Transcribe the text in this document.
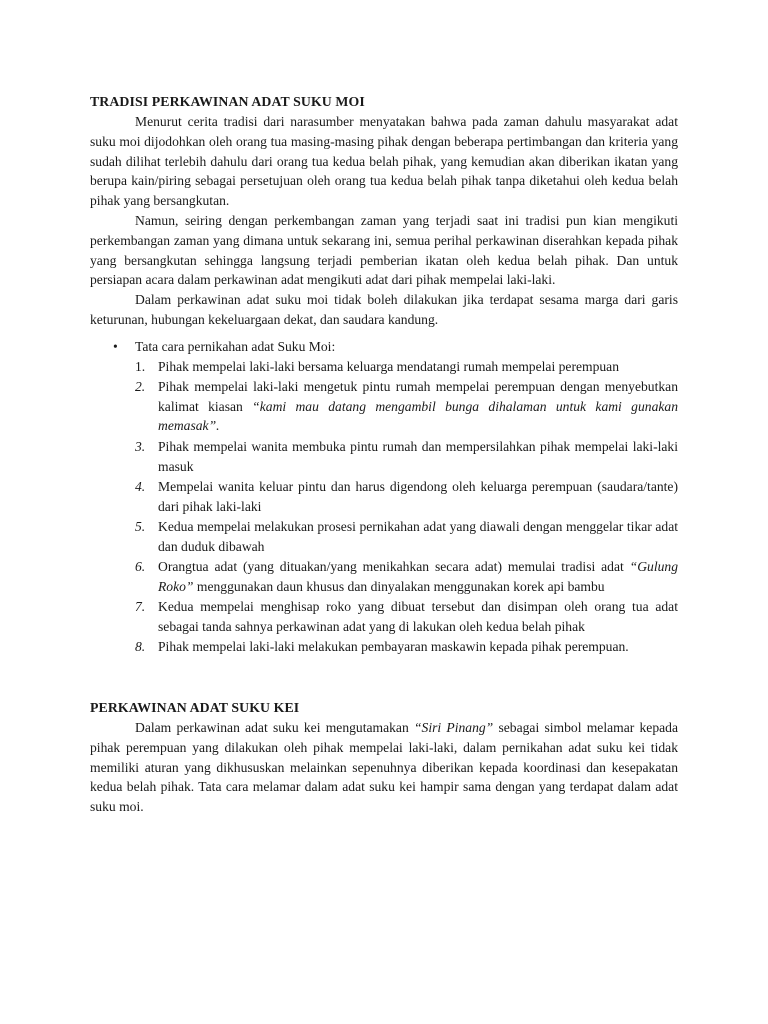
TRADISI PERKAWINAN ADAT SUKU MOI

Menurut cerita tradisi dari narasumber menyatakan bahwa pada zaman dahulu masyarakat adat suku moi dijodohkan oleh orang tua masing-masing pihak dengan beberapa pertimbangan dan kriteria yang sudah dilihat terlebih dahulu dari orang tua kedua belah pihak, yang kemudian akan diberikan ikatan yang berupa kain/piring sebagai persetujuan oleh orang tua kedua belah pihak tanpa diketahui oleh kedua belah pihak yang bersangkutan.

Namun, seiring dengan perkembangan zaman yang terjadi saat ini tradisi pun kian mengikuti perkembangan zaman yang dimana untuk sekarang ini, semua perihal perkawinan diserahkan kepada pihak yang bersangkutan sehingga langsung terjadi pemberian ikatan oleh kedua belah pihak. Dan untuk persiapan acara dalam perkawinan adat mengikuti adat dari pihak mempelai laki-laki.

Dalam perkawinan adat suku moi tidak boleh dilakukan jika terdapat sesama marga dari garis keturunan, hubungan kekeluargaan dekat, dan saudara kandung.

• Tata cara pernikahan adat Suku Moi:
1. Pihak mempelai laki-laki bersama keluarga mendatangi rumah mempelai perempuan
2. Pihak mempelai laki-laki mengetuk pintu rumah mempelai perempuan dengan menyebutkan kalimat kiasan “kami mau datang mengambil bunga dihalaman untuk kami gunakan memasak”.
3. Pihak mempelai wanita membuka pintu rumah dan mempersilahkan pihak mempelai laki-laki masuk
4. Mempelai wanita keluar pintu dan harus digendong oleh keluarga perempuan (saudara/tante) dari pihak laki-laki
5. Kedua mempelai melakukan prosesi pernikahan adat yang diawali dengan menggelar tikar adat dan duduk dibawah
6. Orangtua adat (yang dituakan/yang menikahkan secara adat) memulai tradisi adat “Gulung Roko” menggunakan daun khusus dan dinyalakan menggunakan korek api bambu
7. Kedua mempelai menghisap roko yang dibuat tersebut dan disimpan oleh orang tua adat sebagai tanda sahnya perkawinan adat yang di lakukan oleh kedua belah pihak
8. Pihak mempelai laki-laki melakukan pembayaran maskawin kepada pihak perempuan.
PERKAWINAN ADAT SUKU KEI

Dalam perkawinan adat suku kei mengutamakan “Siri Pinang” sebagai simbol melamar kepada pihak perempuan yang dilakukan oleh pihak mempelai laki-laki, dalam pernikahan adat suku kei tidak memiliki aturan yang dikhususkan melainkan sepenuhnya diberikan kepada koordinasi dan kesepakatan kedua belah pihak. Tata cara melamar dalam adat suku kei hampir sama dengan yang terdapat dalam adat suku moi.
